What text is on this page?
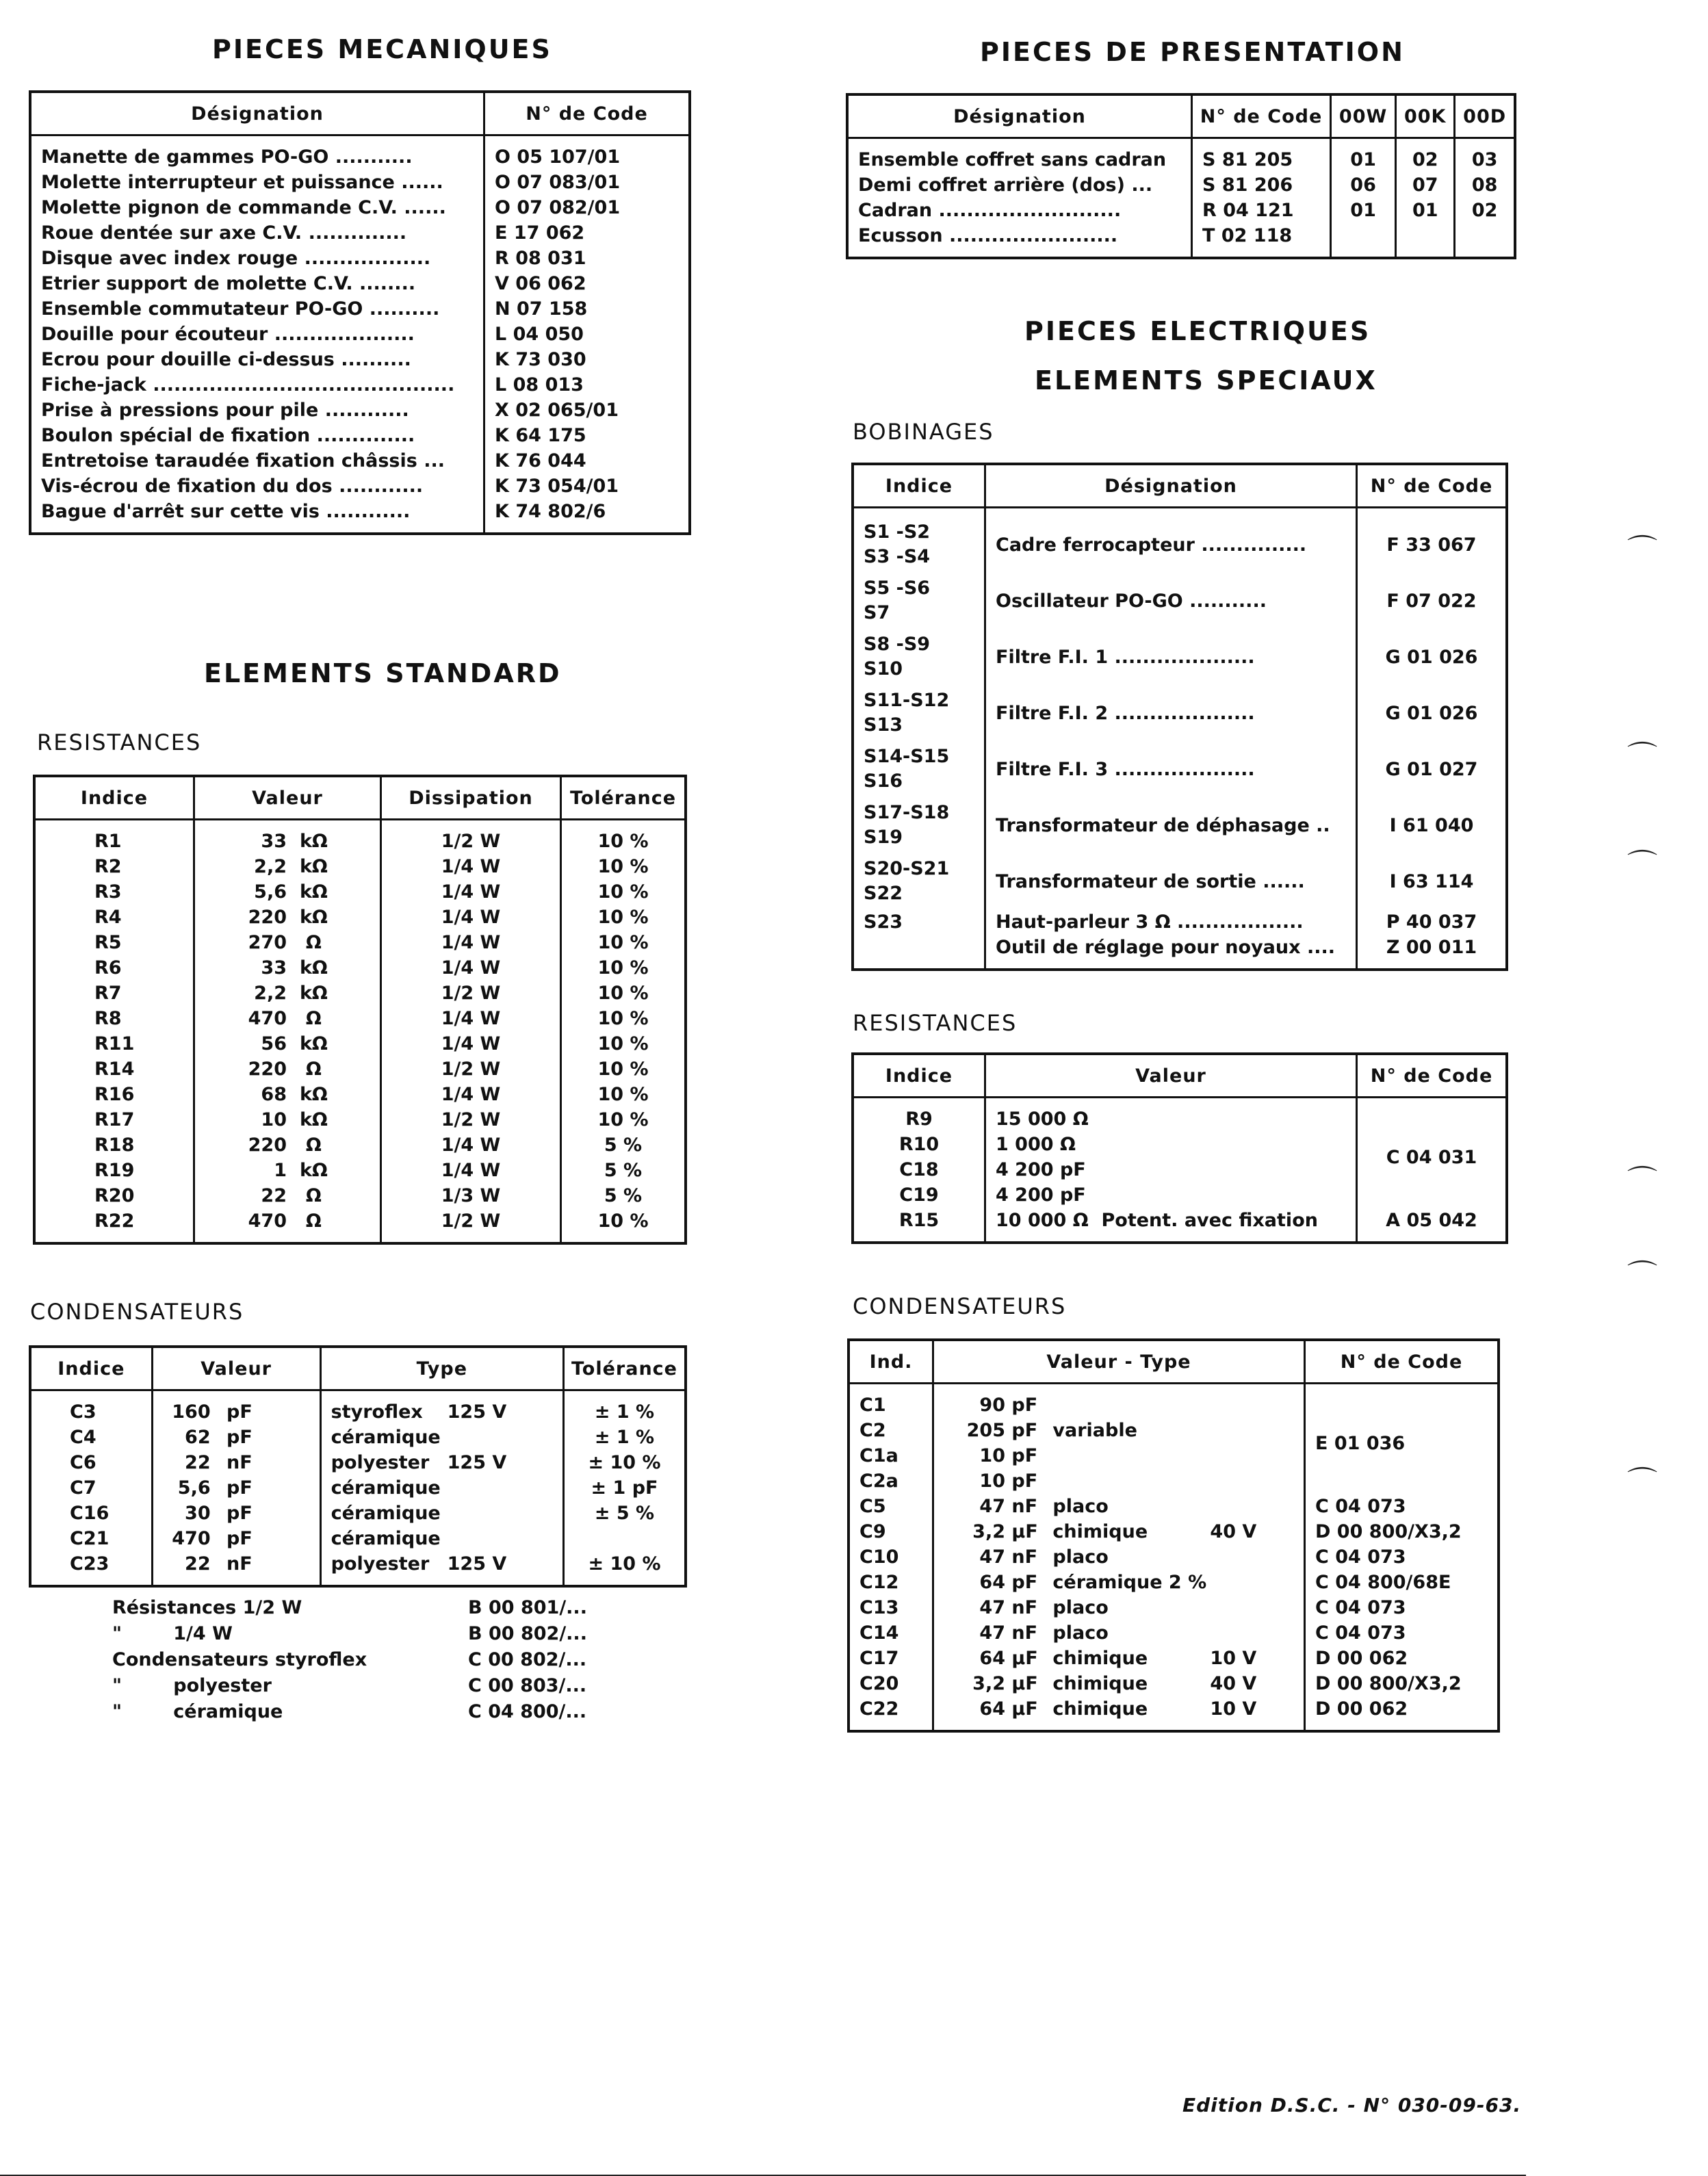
PIECES MECANIQUES
Désignation	N° de Code
Manette de gammes PO-GO ...........	O 05 107/01
Molette interrupteur et puissance ......	O 07 083/01
Molette pignon de commande C.V. ......	O 07 082/01
Roue dentée sur axe C.V. ..............	E 17 062
Disque avec index rouge ..................	R 08 031
Etrier support de molette C.V. ........	V 06 062
Ensemble commutateur PO-GO ..........	N 07 158
Douille pour écouteur ....................	L 04 050
Ecrou pour douille ci-dessus ..........	K 73 030
Fiche-jack ...........................................	L 08 013
Prise à pressions pour pile ............	X 02 065/01
Boulon spécial de fixation ..............	K 64 175
Entretoise taraudée fixation châssis ...	K 76 044
Vis-écrou de fixation du dos ............	K 73 054/01
Bague d'arrêt sur cette vis ............	K 74 802/6
PIECES DE PRESENTATION
Désignation	N° de Code	00W	00K	00D
Ensemble coffret sans cadran	S 81 205	01	02	03
Demi coffret arrière (dos) ...	S 81 206	06	07	08
Cadran ..........................	R 04 121	01	01	02
Ecusson ........................	T 02 118			
PIECES ELECTRIQUES
ELEMENTS SPECIAUX
BOBINAGES
Indice	Désignation	N° de Code

S1 -S2
S3 -S4	Cadre ferrocapteur ...............	F 33 067

S5 -S6
S7	Oscillateur PO-GO ...........	F 07 022

S8 -S9
S10	Filtre F.I. 1 ....................	G 01 026

S11-S12
S13	Filtre F.I. 2 ....................	G 01 026

S14-S15
S16	Filtre F.I. 3 ....................	G 01 027

S17-S18
S19	Transformateur de déphasage ..	I 61 040

S20-S21
S22	Transformateur de sortie ......	I 63 114
S23	Haut-parleur 3 Ω ..................	P 40 037
	Outil de réglage pour noyaux ....	Z 00 011
RESISTANCES
Indice	Valeur	N° de Code
R9	15 000 Ω	C 04 031
R10	1 000 Ω	
C18	4 200 pF	
C19	4 200 pF	
R15	10 000 Ω Potent. avec fixation	A 05 042
CONDENSATEURS
Ind.	Valeur - Type	N° de Code
C1	90 pF	E 01 036
C2	205 pF variable	
C1a	10 pF	
C2a	10 pF	
C5	47 nF placo	C 04 073
C9	3,2 μF chimique 40 V	D 00 800/X3,2
C10	47 nF placo	C 04 073
C12	64 pF céramique 2 %	C 04 800/68E
C13	47 nF placo	C 04 073
C14	47 nF placo	C 04 073
C17	64 μF chimique 10 V	D 00 062
C20	3,2 μF chimique 40 V	D 00 800/X3,2
C22	64 μF chimique 10 V	D 00 062
ELEMENTS STANDARD
RESISTANCES
Indice	Valeur	Dissipation	Tolérance
R1	33 kΩ	1/2 W	10 %
R2	2,2 kΩ	1/4 W	10 %
R3	5,6 kΩ	1/4 W	10 %
R4	220 kΩ	1/4 W	10 %
R5	270 Ω	1/4 W	10 %
R6	33 kΩ	1/4 W	10 %
R7	2,2 kΩ	1/2 W	10 %
R8	470 Ω	1/4 W	10 %
R11	56 kΩ	1/4 W	10 %
R14	220 Ω	1/2 W	10 %
R16	68 kΩ	1/4 W	10 %
R17	10 kΩ	1/2 W	10 %
R18	220 Ω	1/4 W	5 %
R19	1 kΩ	1/4 W	5 %
R20	22 Ω	1/3 W	5 %
R22	470 Ω	1/2 W	10 %
CONDENSATEURS
Indice	Valeur	Type	Tolérance
C3	160 pF	styroflex 125 V	± 1 %
C4	62 pF	céramique	± 1 %
C6	22 nF	polyester 125 V	± 10 %
C7	5,6 pF	céramique	± 1 pF
C16	30 pF	céramique	± 5 %
C21	470 pF	céramique	
C23	22 nF	polyester 125 V	± 10 %
Résistances 1/2 W	B 00 801/...
"        1/4 W	B 00 802/...
Condensateurs styroflex	C 00 802/...
"        polyester	C 00 803/...
"        céramique	C 04 800/...
Edition D.S.C. - N° 030-09-63.
⌒
⌒
⌒
⌒
⌒
⌒
